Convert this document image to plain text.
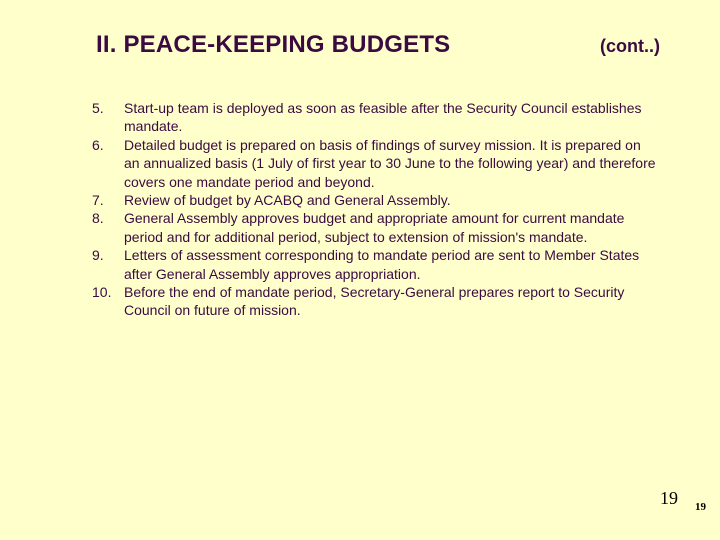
II. PEACE-KEEPING BUDGETS	(cont..)
5.	Start-up team is deployed as soon as feasible after the Security Council establishes mandate.
6.	Detailed budget is prepared on basis of findings of survey mission. It is prepared on an annualized basis (1 July of first year to 30 June to the following year) and therefore covers one mandate period and beyond.
7.	Review of budget by ACABQ and General Assembly.
8.	General Assembly approves budget and appropriate amount for current mandate period and for additional period, subject to extension of mission's mandate.
9.	Letters of assessment corresponding to mandate period are sent to Member States after General Assembly approves appropriation.
10. Before the end of mandate period, Secretary-General prepares report to Security Council on future of mission.
19 19
